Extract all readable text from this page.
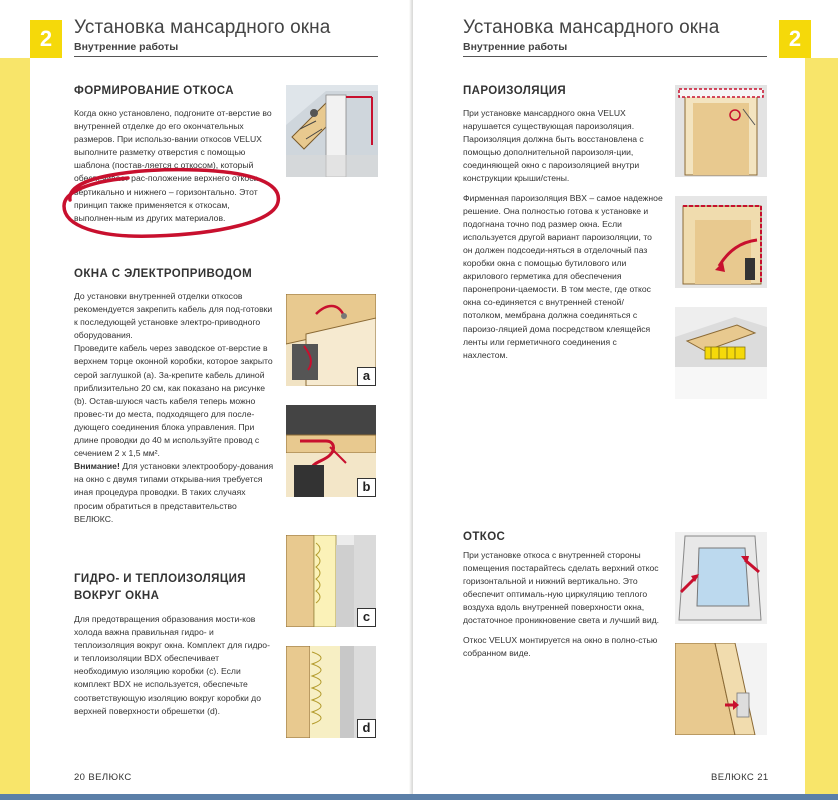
2	Установка мансардного окна
Внутренние работы
ФОРМИРОВАНИЕ ОТКОСА

Когда окно установлено, подгоните от-верстие во внутренней отделке до его окончательных размеров. При использо-вании откосов VELUX выполните разметку отверстия с помощью шаблона (постав-ляется с откосом), который обеспечивает рас-положение верхнего откоса вертикально и нижнего – горизонтально. Этот принцип также применяется к откосам, выполнен-ным из других материалов.

ОКНА С ЭЛЕКТРОПРИВОДОМ

До установки внутренней отделки откосов рекомендуется закрепить кабель для под-готовки к последующей установке электро-приводного оборудования.

Проведите кабель через заводское от-верстие в верхнем торце оконной коробки, которое закрыто серой заглушкой (a). За-крепите кабель длиной приблизительно 20 см, как показано на рисунке (b). Остав-шуюся часть кабеля теперь можно провес-ти до места, подходящего для после-дующего соединения блока управления. При длине проводки до 40 м используйте провод с сечением 2 x 1,5 мм².

Внимание! Для установки электрообору-дования на окно с двумя типами открыва-ния требуется иная процедура проводки. В таких случаях просим обратиться в представительство ВЕЛЮКС.

a
b
ГИДРО- И ТЕПЛОИЗОЛЯЦИЯ ВОКРУГ ОКНА

Для предотвращения образования мости-ков холода важна правильная гидро- и теплоизоляция вокруг окна. Комплект для гидро- и теплоизоляции BDX обеспечивает необходимую изоляцию коробки (c). Если комплект BDX не используется, обеспечьте соответствующую изоляцию вокруг коробки до верхней поверхности обрешетки (d).

c
d
20 ВЕЛЮКС
2
Установка мансардного окна
Внутренние работы
ПАРОИЗОЛЯЦИЯ

При установке мансардного окна VELUX нарушается существующая пароизоляция. Пароизоляция должна быть восстановлена с помощью дополнительной пароизоля-ции, соединяющей окно с пароизоляцией внутри конструкции крыши/стены.

Фирменная пароизоляция BBX – самое надежное решение. Она полностью готова к установке и подогнана точно под размер окна. Если используется другой вариант пароизоляции, то он должен подсоеди-няться в отделочный паз коробки окна с помощью бутилового или акрилового герметика для обеспечения паронепрони-цаемости. В том месте, где откос окна со-единяется с внутренней стеной/потолком, мембрана должна соединяться с пароизо-ляцией дома посредством клеящейся ленты или герметичного соединения с нахлестом.

ОТКОС

При установке откоса с внутренней стороны помещения постарайтесь сделать верхний откос горизонтальной и нижний вертикально. Это обеспечит оптималь-ную циркуляцию теплого воздуха вдоль внутренней поверхности окна, достаточное проникновение света и лучший вид.

Откос VELUX монтируется на окно в полно-стью собранном виде.

ВЕЛЮКС 21
